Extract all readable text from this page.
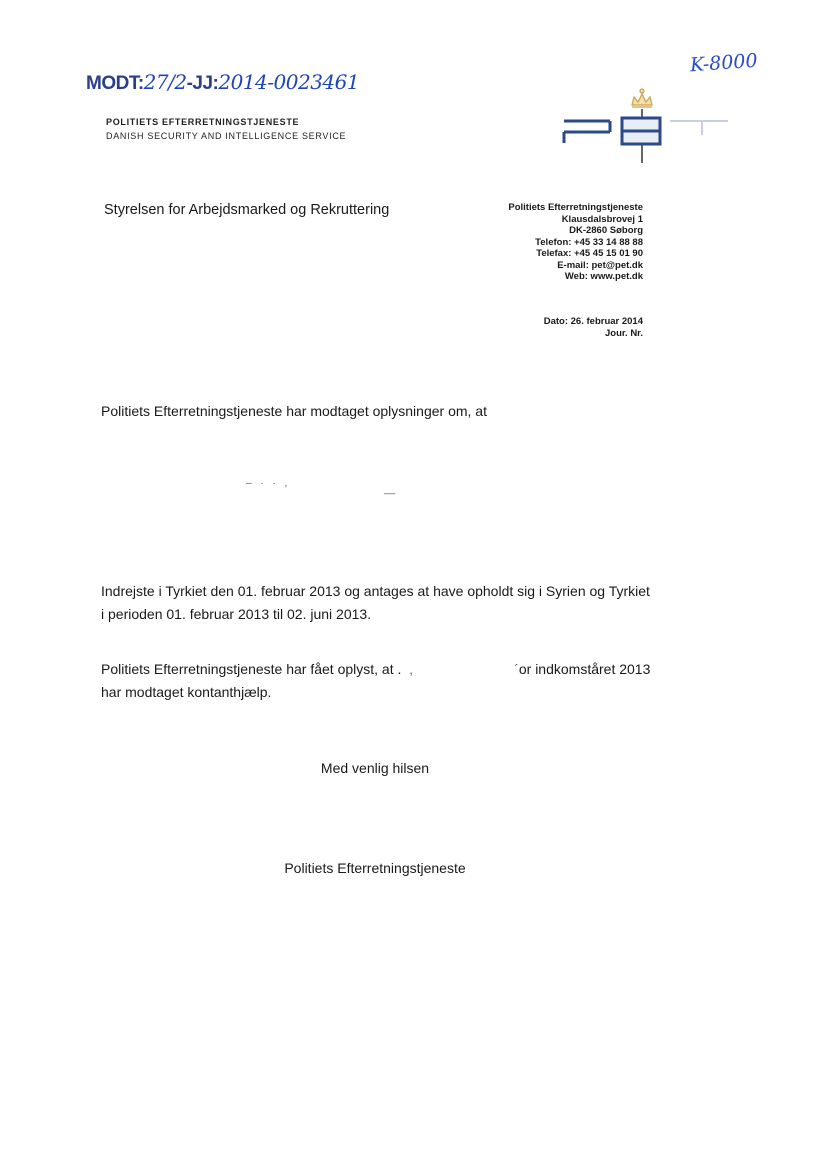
MODT:27/2-JJ:2014-0023461
K-8000
POLITIETS EFTERRETNINGSTJENESTE
DANISH SECURITY AND INTELLIGENCE SERVICE
Styrelsen for Arbejdsmarked og Rekruttering	Politiets Efterretningstjeneste
Klausdalsbrovej 1
DK-2860 Søborg
Telefon: +45 33 14 88 88
Telefax: +45 45 15 01 90
E-mail: pet@pet.dk
Web: www.pet.dk
Dato: 26. februar 2014
Jour. Nr.
Politiets Efterretningstjeneste har modtaget oplysninger om, at
– · · ,
__
Indrejste i Tyrkiet den 01. februar 2013 og antages at have opholdt sig i Syrien og Tyrkiet i perioden 01. februar 2013 til 02. juni 2013.
Politiets Efterretningstjeneste har fået oplyst, at .  ,                          ´or indkomståret 2013 har modtaget kontanthjælp.
Med venlig hilsen
Politiets Efterretningstjeneste
